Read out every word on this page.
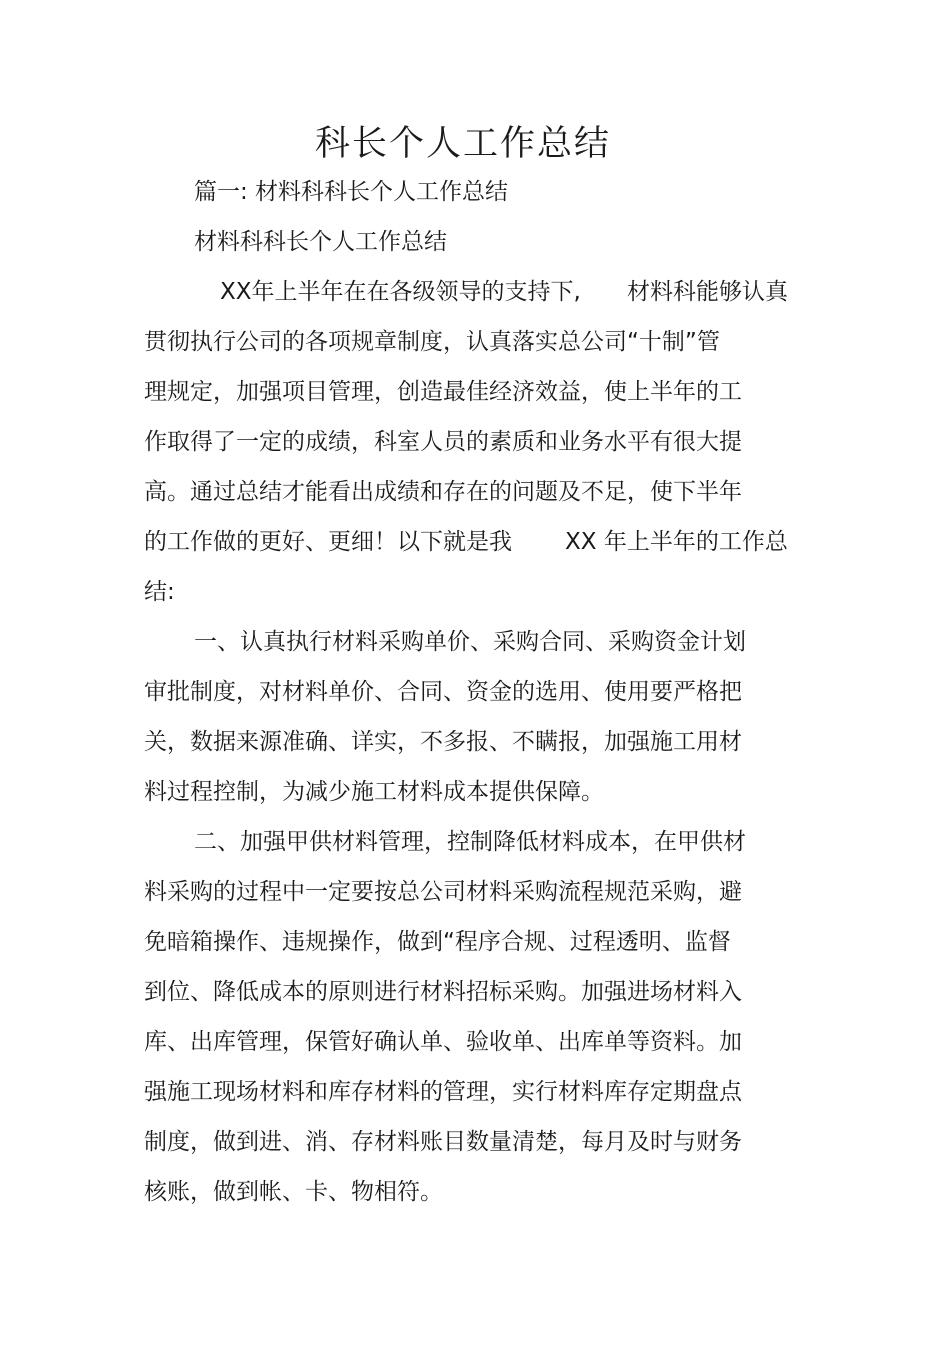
科长个人工作总结

篇一: 材料科科长个人工作总结

材料科科长个人工作总结

XX年上半年在在各级领导的支持下, 材料科能够认真

贯彻执行公司的各项规章制度，认真落实总公司“十制”管

理规定，加强项目管理，创造最佳经济效益，使上半年的工

作取得了一定的成绩，科室人员的素质和业务水平有很大提

高。通过总结才能看出成绩和存在的问题及不足，使下半年

的工作做的更好、更细！以下就是我 XX 年上半年的工作总

结:

一、认真执行材料采购单价、采购合同、采购资金计划

审批制度，对材料单价、合同、资金的选用、使用要严格把

关，数据来源准确、详实，不多报、不瞒报，加强施工用材

料过程控制，为减少施工材料成本提供保障。

二、加强甲供材料管理，控制降低材料成本，在甲供材

料采购的过程中一定要按总公司材料采购流程规范采购，避

免暗箱操作、违规操作，做到“程序合规、过程透明、监督

到位、降低成本的原则进行材料招标采购。加强进场材料入

库、出库管理，保管好确认单、验收单、出库单等资料。加

强施工现场材料和库存材料的管理，实行材料库存定期盘点

制度，做到进、消、存材料账目数量清楚，每月及时与财务

核账，做到帐、卡、物相符。
